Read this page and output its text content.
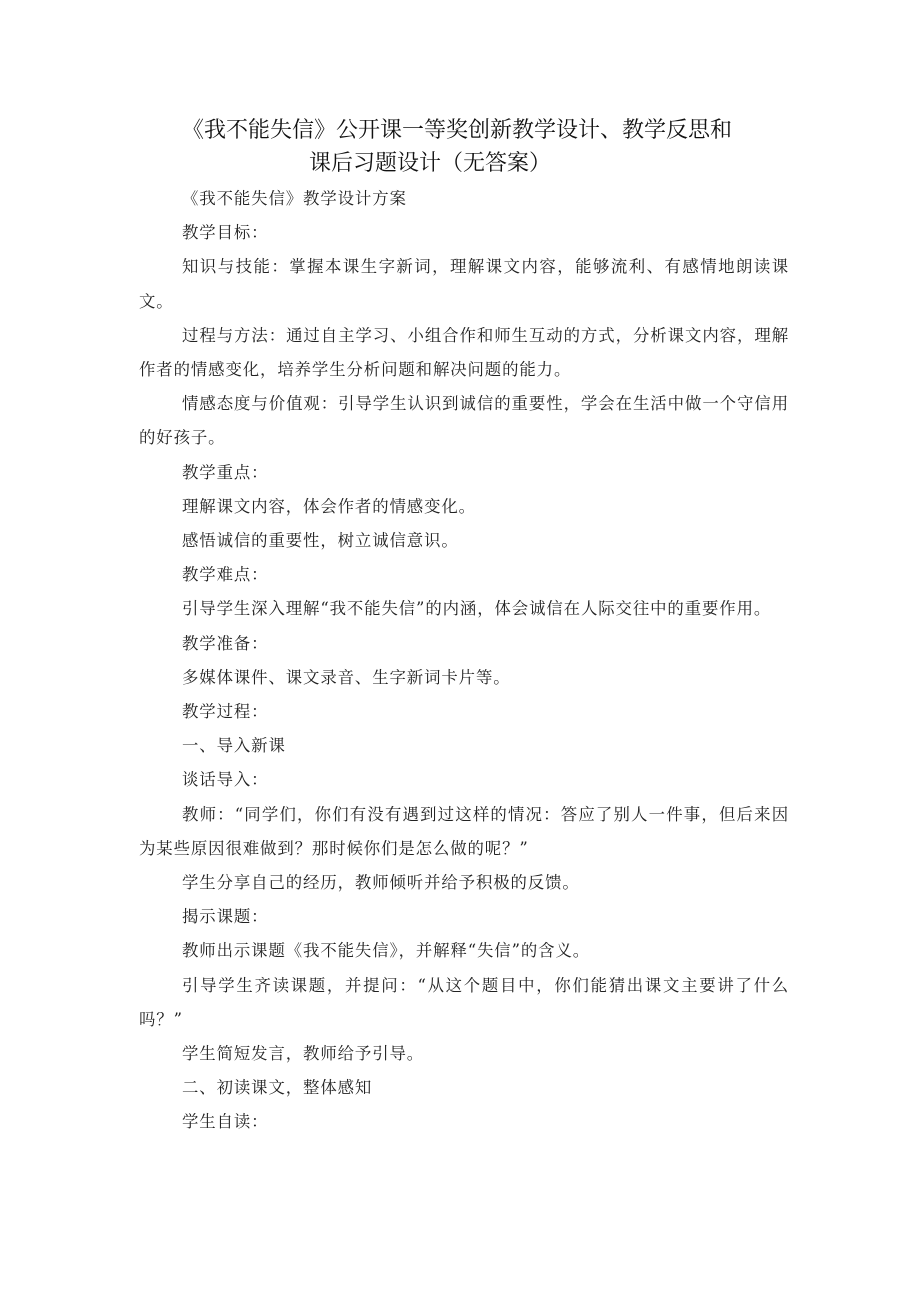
《我不能失信》公开课一等奖创新教学设计、教学反思和
课后习题设计（无答案）

《我不能失信》教学设计方案

教学目标：

知识与技能：掌握本课生字新词，理解课文内容，能够流利、有感情地朗读课文。

过程与方法：通过自主学习、小组合作和师生互动的方式，分析课文内容，理解作者的情感变化，培养学生分析问题和解决问题的能力。

情感态度与价值观：引导学生认识到诚信的重要性，学会在生活中做一个守信用的好孩子。

教学重点：

理解课文内容，体会作者的情感变化。

感悟诚信的重要性，树立诚信意识。

教学难点：

引导学生深入理解“我不能失信”的内涵，体会诚信在人际交往中的重要作用。

教学准备：

多媒体课件、课文录音、生字新词卡片等。

教学过程：

一、导入新课

谈话导入：

教师：“同学们，你们有没有遇到过这样的情况：答应了别人一件事，但后来因为某些原因很难做到？那时候你们是怎么做的呢？”

学生分享自己的经历，教师倾听并给予积极的反馈。

揭示课题：

教师出示课题《我不能失信》，并解释“失信”的含义。

引导学生齐读课题，并提问：“从这个题目中，你们能猜出课文主要讲了什么吗？”

学生简短发言，教师给予引导。

二、初读课文，整体感知

学生自读：
